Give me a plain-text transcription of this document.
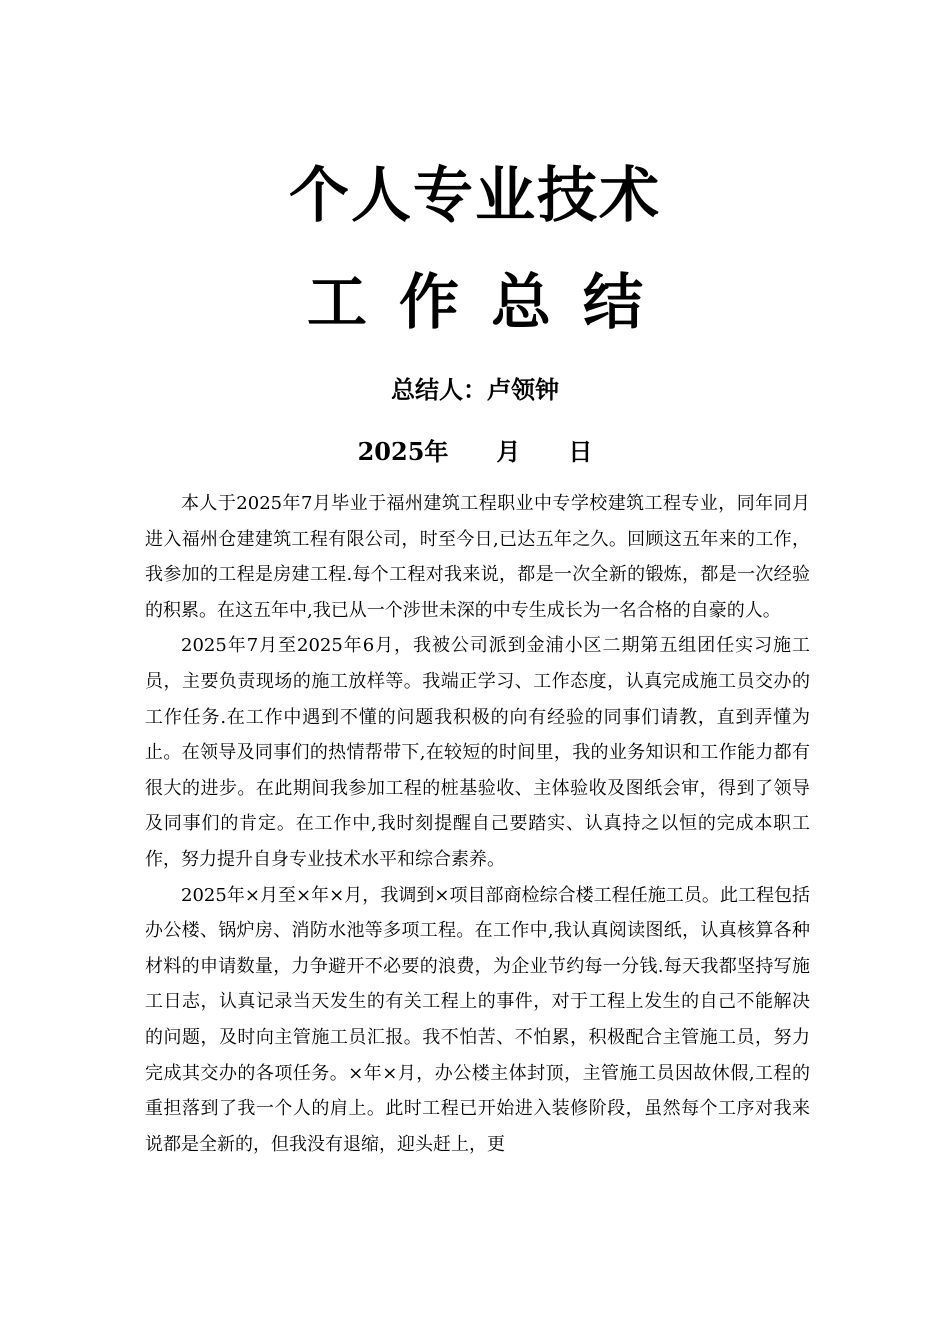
个人专业技术
工作总结
总结人：卢领钟
2025年 月 日

本人于2025年7月毕业于福州建筑工程职业中专学校建筑工程专业，同年同月进入福州仓建建筑工程有限公司，时至今日,已达五年之久。回顾这五年来的工作，我参加的工程是房建工程.每个工程对我来说，都是一次全新的锻炼，都是一次经验的积累。在这五年中,我已从一个涉世未深的中专生成长为一名合格的自豪的人。

2025年7月至2025年6月，我被公司派到金浦小区二期第五组团任实习施工员，主要负责现场的施工放样等。我端正学习、工作态度，认真完成施工员交办的工作任务.在工作中遇到不懂的问题我积极的向有经验的同事们请教，直到弄懂为止。在领导及同事们的热情帮带下,在较短的时间里，我的业务知识和工作能力都有很大的进步。在此期间我参加工程的桩基验收、主体验收及图纸会审，得到了领导及同事们的肯定。在工作中,我时刻提醒自己要踏实、认真持之以恒的完成本职工作，努力提升自身专业技术水平和综合素养。

2025年×月至×年×月，我调到×项目部商检综合楼工程任施工员。此工程包括办公楼、锅炉房、消防水池等多项工程。在工作中,我认真阅读图纸，认真核算各种材料的申请数量，力争避开不必要的浪费，为企业节约每一分钱.每天我都坚持写施工日志，认真记录当天发生的有关工程上的事件，对于工程上发生的自己不能解决的问题，及时向主管施工员汇报。我不怕苦、不怕累，积极配合主管施工员，努力完成其交办的各项任务。×年×月，办公楼主体封顶，主管施工员因故休假,工程的重担落到了我一个人的肩上。此时工程已开始进入装修阶段，虽然每个工序对我来说都是全新的，但我没有退缩，迎头赶上，更
